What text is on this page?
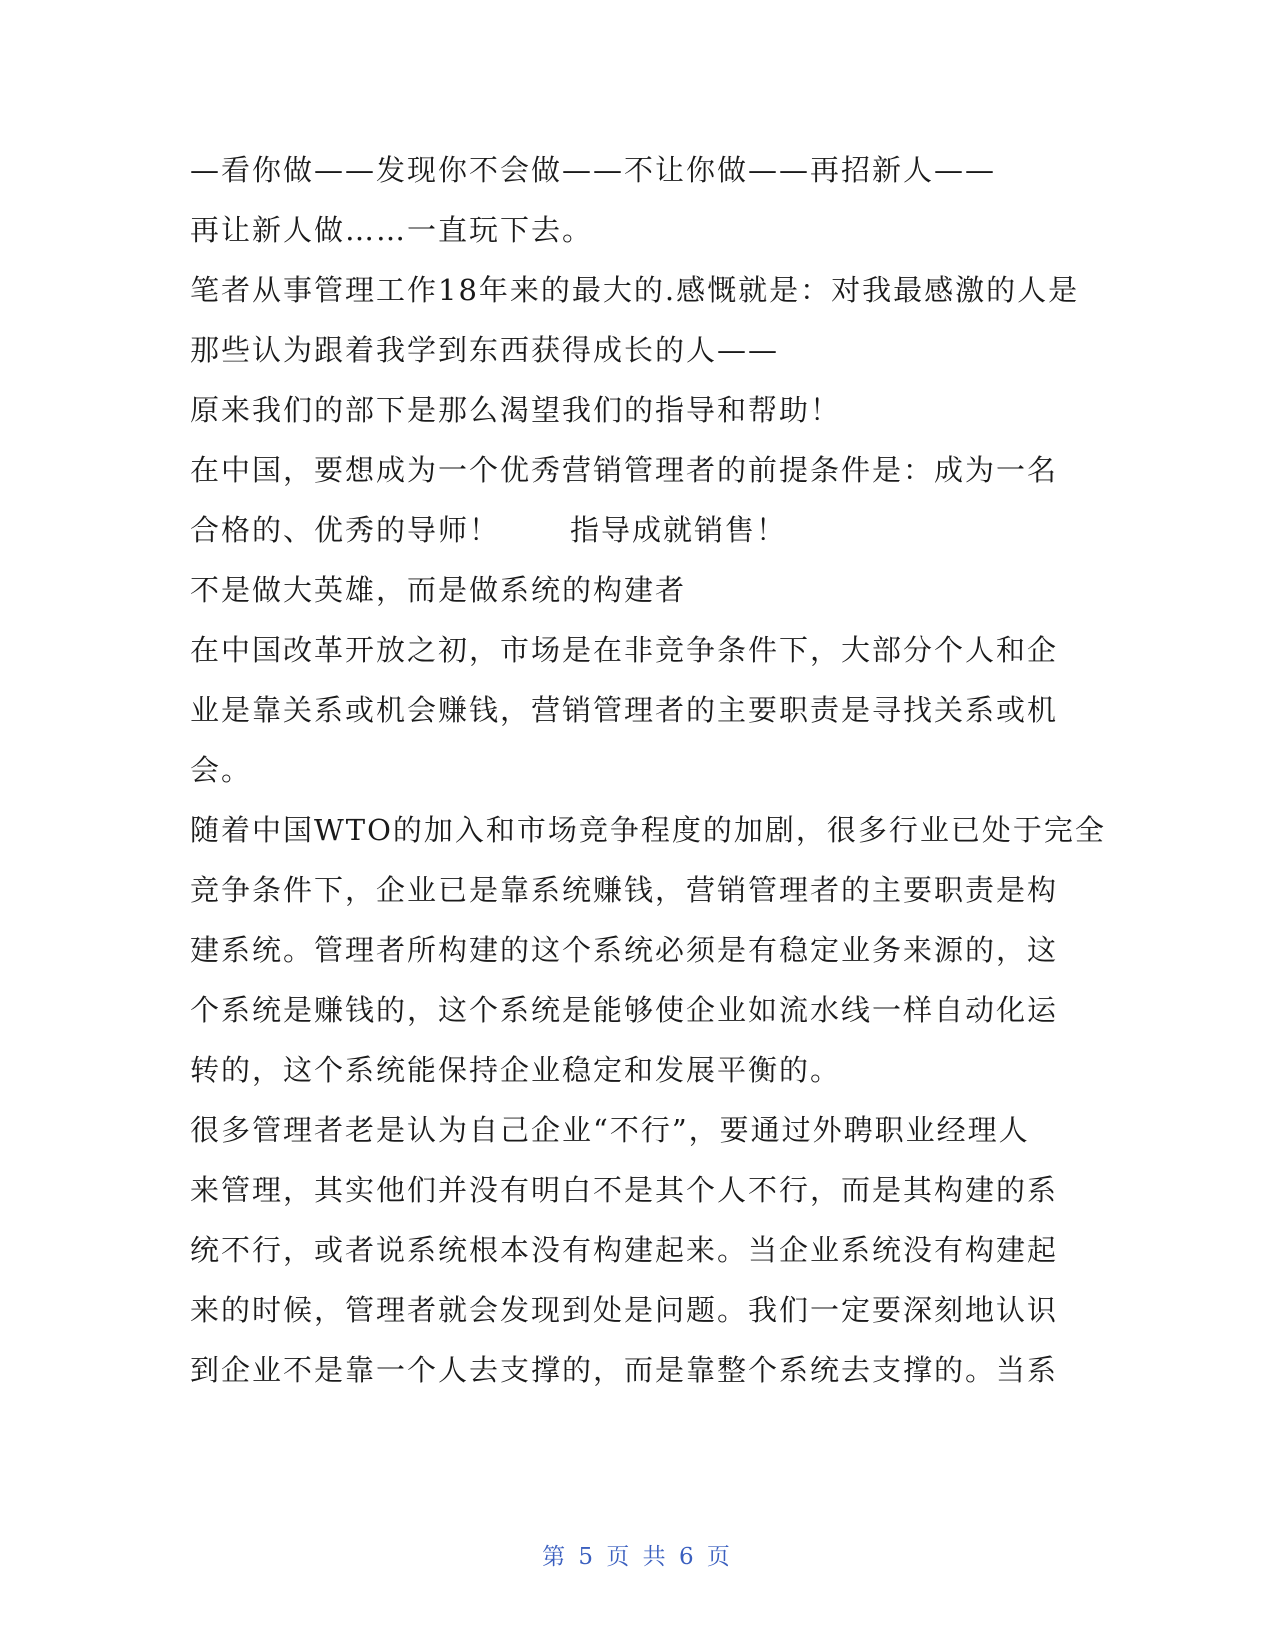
—看你做——发现你不会做——不让你做——再招新人——
再让新人做……一直玩下去。
笔者从事管理工作18年来的最大的.感慨就是：对我最感激的人是
那些认为跟着我学到东西获得成长的人——
原来我们的部下是那么渴望我们的指导和帮助！
在中国，要想成为一个优秀营销管理者的前提条件是：成为一名
合格的、优秀的导师！ 指导成就销售！
不是做大英雄，而是做系统的构建者
在中国改革开放之初，市场是在非竞争条件下，大部分个人和企
业是靠关系或机会赚钱，营销管理者的主要职责是寻找关系或机
会。
随着中国WTO的加入和市场竞争程度的加剧，很多行业已处于完全
竞争条件下，企业已是靠系统赚钱，营销管理者的主要职责是构
建系统。管理者所构建的这个系统必须是有稳定业务来源的，这
个系统是赚钱的，这个系统是能够使企业如流水线一样自动化运
转的，这个系统能保持企业稳定和发展平衡的。
很多管理者老是认为自己企业“不行”，要通过外聘职业经理人
来管理，其实他们并没有明白不是其个人不行，而是其构建的系
统不行，或者说系统根本没有构建起来。当企业系统没有构建起
来的时候，管理者就会发现到处是问题。我们一定要深刻地认识
到企业不是靠一个人去支撑的，而是靠整个系统去支撑的。当系
第 5 页 共 6 页
